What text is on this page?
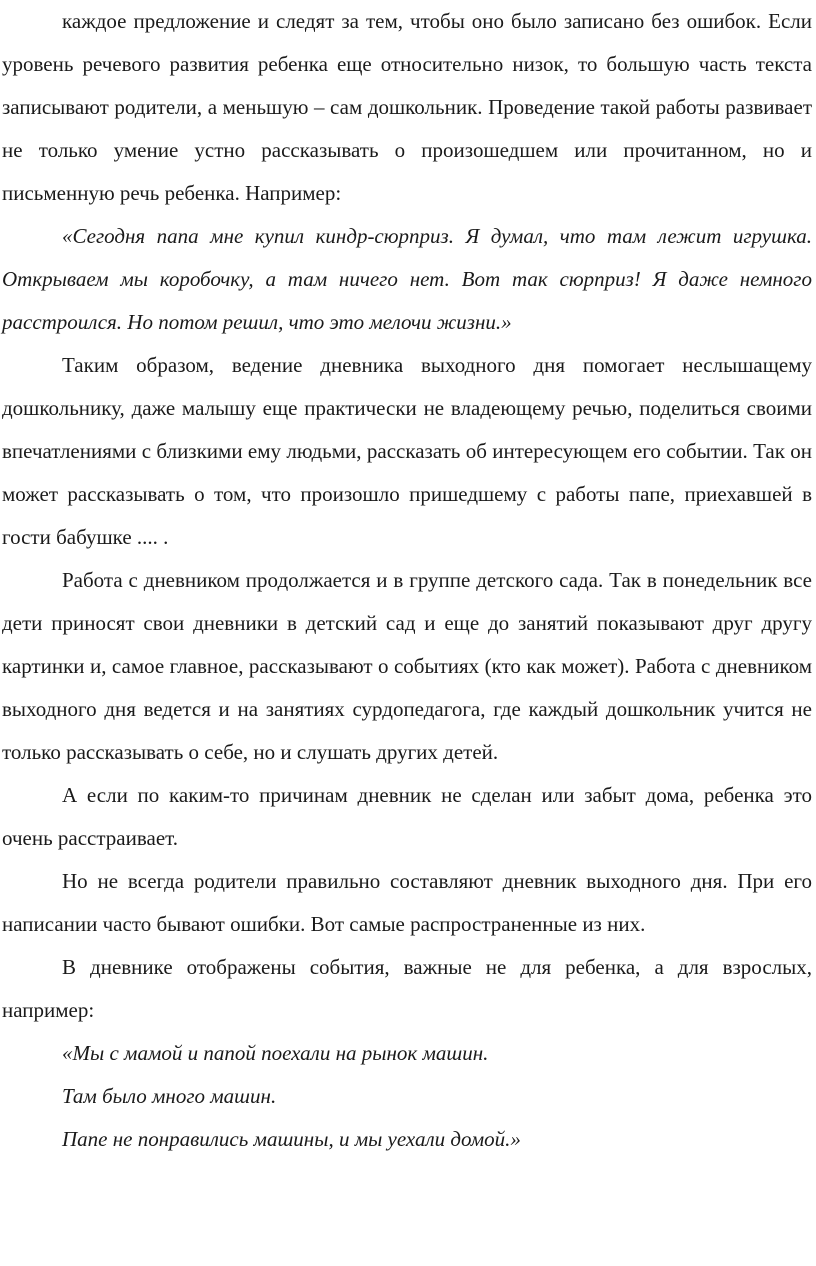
каждое предложение и следят за тем, чтобы оно было записано без ошибок. Если уровень речевого развития ребенка еще относительно низок, то большую часть текста записывают родители, а меньшую – сам дошкольник. Проведение такой работы развивает не только умение устно рассказывать о произошедшем или прочитанном, но и письменную речь ребенка. Например:

«Сегодня папа мне купил киндр-сюрприз. Я думал, что там лежит игрушка. Открываем мы коробочку, а там ничего нет. Вот так сюрприз! Я даже немного расстроился. Но потом решил, что это мелочи жизни.»

Таким образом, ведение дневника выходного дня помогает неслышащему дошкольнику, даже малышу еще практически не владеющему речью, поделиться своими впечатлениями с близкими ему людьми, рассказать об интересующем его событии. Так он может рассказывать о том, что произошло пришедшему с работы папе, приехавшей в гости бабушке .... .

Работа с дневником продолжается и в группе детского сада. Так в понедельник все дети приносят свои дневники в детский сад и еще до занятий показывают друг другу картинки и, самое главное, рассказывают о событиях (кто как может). Работа с дневником выходного дня ведется и на занятиях сурдопедагога, где каждый дошкольник учится не только рассказывать о себе, но и слушать других детей.

А если по каким-то причинам дневник не сделан или забыт дома, ребенка это очень расстраивает.

Но не всегда родители правильно составляют дневник выходного дня. При его написании часто бывают ошибки. Вот самые распространенные из них.

В дневнике отображены события, важные не для ребенка, а для взрослых, например:

«Мы с мамой и папой поехали на рынок машин.

Там было много машин.

Папе не понравились машины, и мы уехали домой.»
